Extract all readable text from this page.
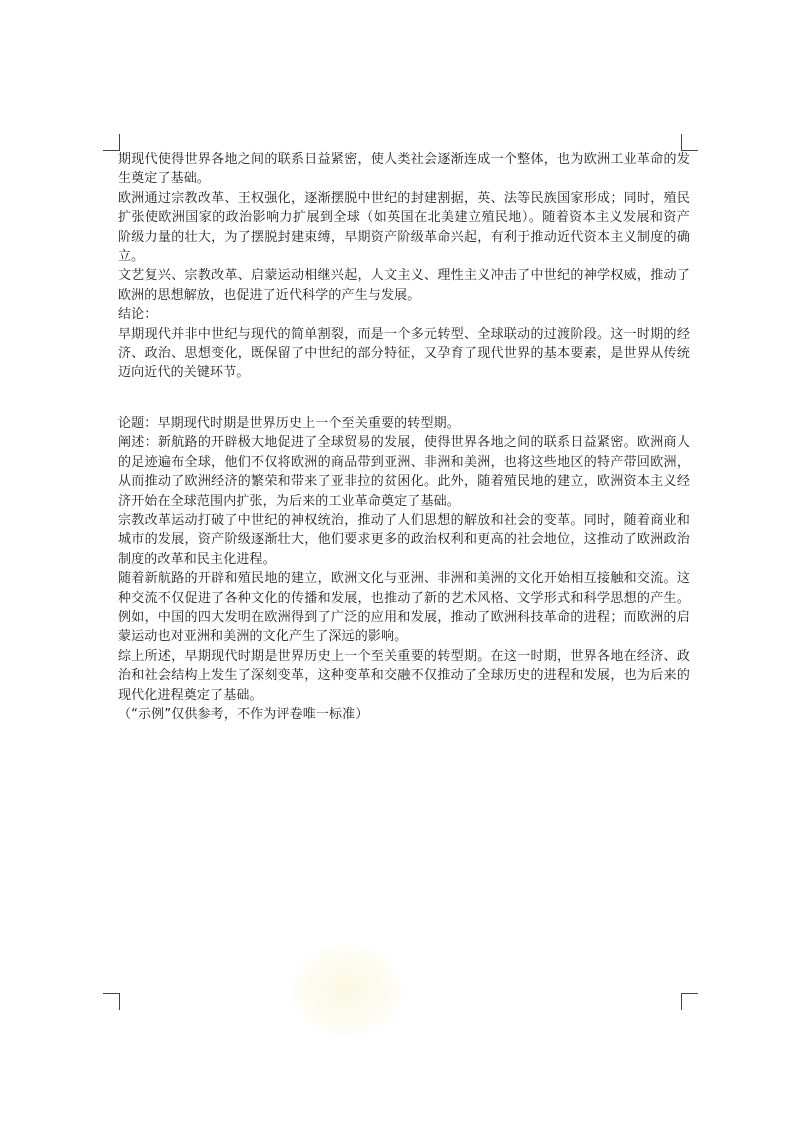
期现代使得世界各地之间的联系日益紧密，使人类社会逐渐连成一个整体，也为欧洲工业革命的发生奠定了基础。

欧洲通过宗教改革、王权强化，逐渐摆脱中世纪的封建割据，英、法等民族国家形成；同时，殖民扩张使欧洲国家的政治影响力扩展到全球（如英国在北美建立殖民地）。随着资本主义发展和资产阶级力量的壮大，为了摆脱封建束缚，早期资产阶级革命兴起，有利于推动近代资本主义制度的确立。

文艺复兴、宗教改革、启蒙运动相继兴起，人文主义、理性主义冲击了中世纪的神学权威，推动了欧洲的思想解放，也促进了近代科学的产生与发展。

结论：

早期现代并非中世纪与现代的简单割裂，而是一个多元转型、全球联动的过渡阶段。这一时期的经济、政治、思想变化，既保留了中世纪的部分特征，又孕育了现代世界的基本要素，是世界从传统迈向近代的关键环节。

论题：早期现代时期是世界历史上一个至关重要的转型期。

阐述：新航路的开辟极大地促进了全球贸易的发展，使得世界各地之间的联系日益紧密。欧洲商人的足迹遍布全球，他们不仅将欧洲的商品带到亚洲、非洲和美洲，也将这些地区的特产带回欧洲，从而推动了欧洲经济的繁荣和带来了亚非拉的贫困化。此外，随着殖民地的建立，欧洲资本主义经济开始在全球范围内扩张，为后来的工业革命奠定了基础。

宗教改革运动打破了中世纪的神权统治，推动了人们思想的解放和社会的变革。同时，随着商业和城市的发展，资产阶级逐渐壮大，他们要求更多的政治权利和更高的社会地位，这推动了欧洲政治制度的改革和民主化进程。

随着新航路的开辟和殖民地的建立，欧洲文化与亚洲、非洲和美洲的文化开始相互接触和交流。这种交流不仅促进了各种文化的传播和发展，也推动了新的艺术风格、文学形式和科学思想的产生。例如，中国的四大发明在欧洲得到了广泛的应用和发展，推动了欧洲科技革命的进程；而欧洲的启蒙运动也对亚洲和美洲的文化产生了深远的影响。

综上所述，早期现代时期是世界历史上一个至关重要的转型期。在这一时期，世界各地在经济、政治和社会结构上发生了深刻变革，这种变革和交融不仅推动了全球历史的进程和发展，也为后来的现代化进程奠定了基础。

（“示例”仅供参考，不作为评卷唯一标准）
